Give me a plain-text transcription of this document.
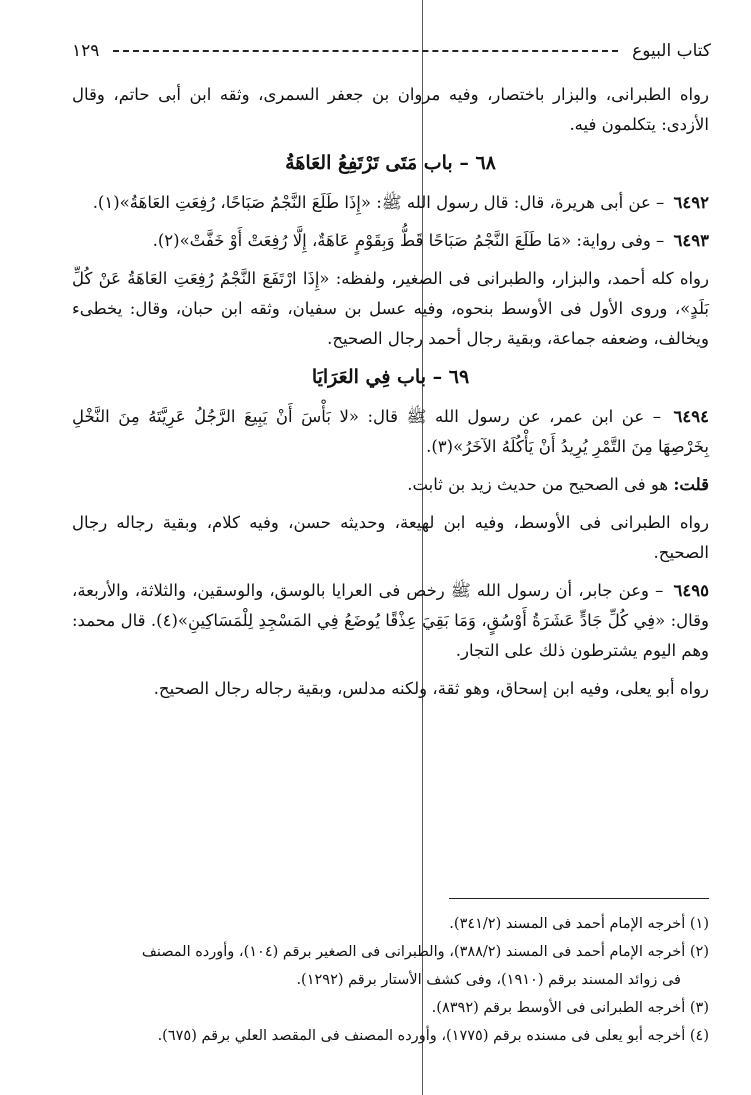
كتاب البيوع
١٢٩

رواه الطبرانى، والبزار باختصار، وفيه مروان بن جعفر السمرى، وثقه ابن أبى حاتم، وقال الأزدى: يتكلمون فيه.

٦٨ – باب مَتَى تَرْتَفِعُ العَاهَةُ

٦٤٩٢ – عن أبى هريرة، قال: قال رسول الله ﷺ: «إِذَا طَلَعَ النَّجْمُ صَبَاحًا، رُفِعَتِ العَاهَةُ»(١).

٦٤٩٣ – وفى رواية: «مَا طَلَعَ النَّجْمُ صَبَاحًا قَطُّ وَبِقَوْمٍ عَاهَةٌ، إِلَّا رُفِعَتْ أَوْ خَفَّتْ»(٢).

رواه كله أحمد، والبزار، والطبرانى فى الصغير، ولفظه: «إِذَا ارْتَفَعَ النَّجْمُ رُفِعَتِ العَاهَةُ عَنْ كُلِّ بَلَدٍ»، وروى الأول فى الأوسط بنحوه، وفيه عسل بن سفيان، وثقه ابن حبان، وقال: يخطىء ويخالف، وضعفه جماعة، وبقية رجال أحمد رجال الصحيح.

٦٩ – باب فِي العَرَايَا

٦٤٩٤ – عن ابن عمر، عن رسول الله ﷺ قال: «لا بَأْسَ أَنْ يَبِيعَ الرَّجُلُ عَرِيَّتَهُ مِنَ النَّخْلِ بِخَرْصِهَا مِنَ التَّمْرِ يُرِيدُ أَنْ يَأْكُلَهُ الآخَرُ»(٣).

قلت: هو فى الصحيح من حديث زيد بن ثابت.

رواه الطبرانى فى الأوسط، وفيه ابن لهيعة، وحديثه حسن، وفيه كلام، وبقية رجاله رجال الصحيح.

٦٤٩٥ – وعن جابر، أن رسول الله ﷺ رخص فى العرايا بالوسق، والوسقين، والثلاثة، والأربعة، وقال: «فِي كُلِّ جَادٍّ عَشَرَةُ أَوْسُقٍ، وَمَا بَقِيَ عِذْقًا يُوضَعُ فِي المَسْجِدِ لِلْمَسَاكِينِ»(٤). قال محمد: وهم اليوم يشترطون ذلك على التجار.

رواه أبو يعلى، وفيه ابن إسحاق، وهو ثقة، ولكنه مدلس، وبقية رجاله رجال الصحيح.

(١) أخرجه الإمام أحمد فى المسند (٣٤١/٢).

(٢) أخرجه الإمام أحمد فى المسند (٣٨٨/٢)، والطبرانى فى الصغير برقم (١٠٤)، وأورده المصنف

فى زوائد المسند برقم (١٩١٠)، وفى كشف الأستار برقم (١٢٩٢).

(٣) أخرجه الطبرانى فى الأوسط برقم (٨٣٩٢).

(٤) أخرجه أبو يعلى فى مسنده برقم (١٧٧٥)، وأورده المصنف فى المقصد العلي برقم (٦٧٥).
